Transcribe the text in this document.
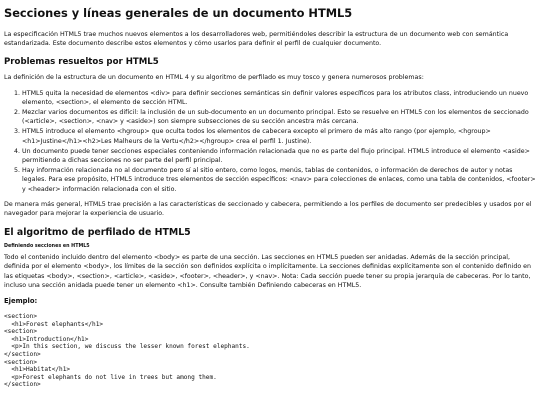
Secciones y líneas generales de un documento HTML5

La especificación HTML5 trae muchos nuevos elementos a los desarrolladores web, permitiéndoles describir la estructura de un documento web con semántica estandarizada. Este documento describe estos elementos y cómo usarlos para definir el perfil de cualquier documento.

Problemas resueltos por HTML5

La definición de la estructura de un documento en HTML 4 y su algoritmo de perfilado es muy tosco y genera numerosos problemas:

1. HTML5 quita la necesidad de elementos <div> para definir secciones semánticas sin definir valores específicos para los atributos class, introduciendo un nuevo elemento, <section>, el elemento de sección HTML.
2. Mezclar varios documentos es difícil: la inclusión de un sub-documento en un documento principal. Esto se resuelve en HTML5 con los elementos de seccionado (<article>, <section>, <nav> y <aside>) son siempre subsecciones de su sección ancestra más cercana.
3. HTML5 introduce el elemento <hgroup> que oculta todos los elementos de cabecera excepto el primero de más alto rango (por ejemplo, <hgroup><h1>Justine</h1><h2>Les Malheurs de la Vertu</h2></hgroup> crea el perfil 1. Justine).
4. Un documento puede tener secciones especiales conteniendo información relacionada que no es parte del flujo principal. HTML5 introduce el elemento <aside> permitiendo a dichas secciones no ser parte del perfil principal.
5. Hay información relacionada no al documento pero sí al sitio entero, como logos, menús, tablas de contenidos, o información de derechos de autor y notas legales. Para ese propósito, HTML5 introduce tres elementos de sección específicos: <nav> para colecciones de enlaces, como una tabla de contenidos, <footer> y <header> información relacionada con el sitio.

De manera más general, HTML5 trae precisión a las características de seccionado y cabecera, permitiendo a los perfiles de documento ser predecibles y usados por el navegador para mejorar la experiencia de usuario.

El algoritmo de perfilado de HTML5
Definiendo secciones en HTML5

Todo el contenido incluido dentro del elemento <body> es parte de una sección. Las secciones en HTML5 pueden ser anidadas. Además de la sección principal, definida por el elemento <body>, los límites de la sección son definidos explícita o implícitamente. La secciones definidas explícitamente son el contenido definido en las etiquetas <body>, <section>, <article>, <aside>, <footer>, <header>, y <nav>. Nota: Cada sección puede tener su propia jerarquía de cabeceras. Por lo tanto, incluso una sección anidada puede tener un elemento <h1>. Consulte también Definiendo cabeceras en HTML5.

Ejemplo:
<section>
<h1>Forest elephants</h1>
<section>
<h1>Introduction</h1>
<p>In this section, we discuss the lesser known forest elephants.
</section>
<section>
<h1>Habitat</h1>
<p>Forest elephants do not live in trees but among them.
</section>
